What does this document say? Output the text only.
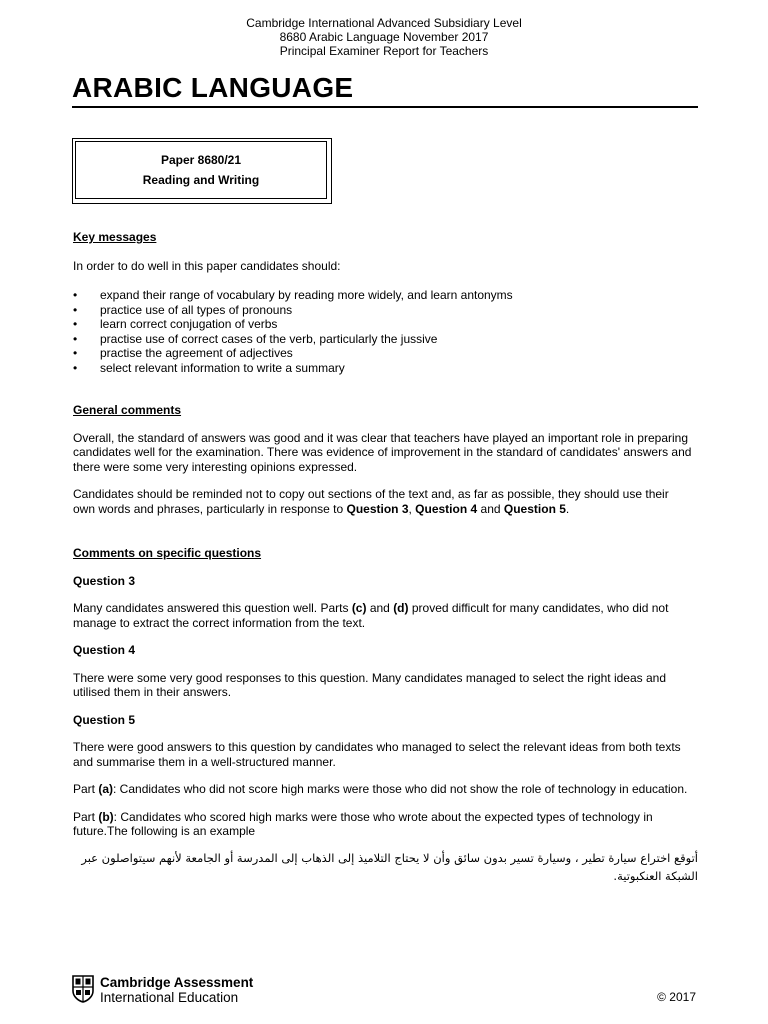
Cambridge International Advanced Subsidiary Level
8680 Arabic Language November 2017
Principal Examiner Report for Teachers
ARABIC LANGUAGE
Paper 8680/21
Reading and Writing

Key messages

In order to do well in this paper candidates should:

• expand their range of vocabulary by reading more widely, and learn antonyms
• practice use of all types of pronouns
• learn correct conjugation of verbs
• practise use of correct cases of the verb, particularly the jussive
• practise the agreement of adjectives
• select relevant information to write a summary

General comments

Overall, the standard of answers was good and it was clear that teachers have played an important role in preparing candidates well for the examination. There was evidence of improvement in the standard of candidates' answers and there were some very interesting opinions expressed.

Candidates should be reminded not to copy out sections of the text and, as far as possible, they should use their own words and phrases, particularly in response to Question 3, Question 4 and Question 5.

Comments on specific questions

Question 3

Many candidates answered this question well. Parts (c) and (d) proved difficult for many candidates, who did not manage to extract the correct information from the text.

Question 4

There were some very good responses to this question. Many candidates managed to select the right ideas and utilised them in their answers.

Question 5

There were good answers to this question by candidates who managed to select the relevant ideas from both texts and summarise them in a well-structured manner.

Part (a): Candidates who did not score high marks were those who did not show the role of technology in education.

Part (b): Candidates who scored high marks were those who wrote about the expected types of technology in future.The following is an example

أتوقع اختراع سيارة تطير ، وسيارة تسير بدون سائق وأن لا يحتاج التلاميذ إلى الذهاب إلى المدرسة أو الجامعة لأنهم سيتواصلون عبر الشبكة العنكبوتية.

Cambridge Assessment
International Education	© 2017
